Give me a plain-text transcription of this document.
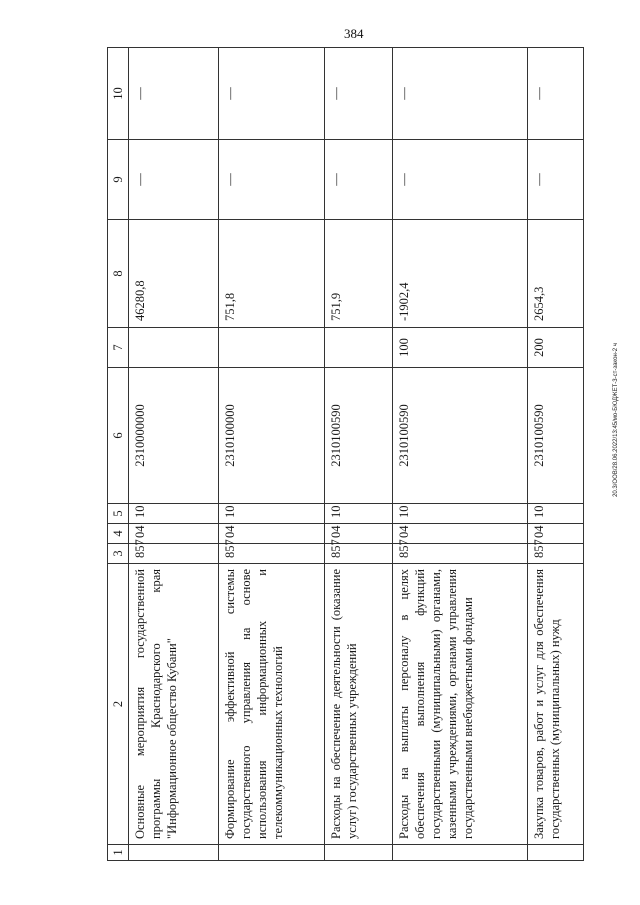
384
20.3/ООВ/28.06.2022/13:45/мо-БЮДЖЕТ-3-ст-закон-2 ч
1	2	3	4	5	6	7	8	9	10
	Основные мероприятия государственной программы Краснодарского края "Информационное общество Кубани"	857	04	10	2310000000		46280,8	—	—
	Формирование эффективной системы государственного управления на основе использования информационных и телекоммуникационных технологий	857	04	10	2310100000		751,8	—	—
	Расходы на обеспечение деятельности (оказание услуг) государственных учреждений	857	04	10	2310100590		751,9	—	—
	Расходы на выплаты персоналу в целях обеспечения выполнения функций государственными (муниципальными) органами, казенными учреждениями, органами управления государственными внебюджетными фондами	857	04	10	2310100590	100	-1902,4	—	—
	Закупка товаров, работ и услуг для обеспечения государственных (муниципальных) нужд	857	04	10	2310100590	200	2654,3	—	—
